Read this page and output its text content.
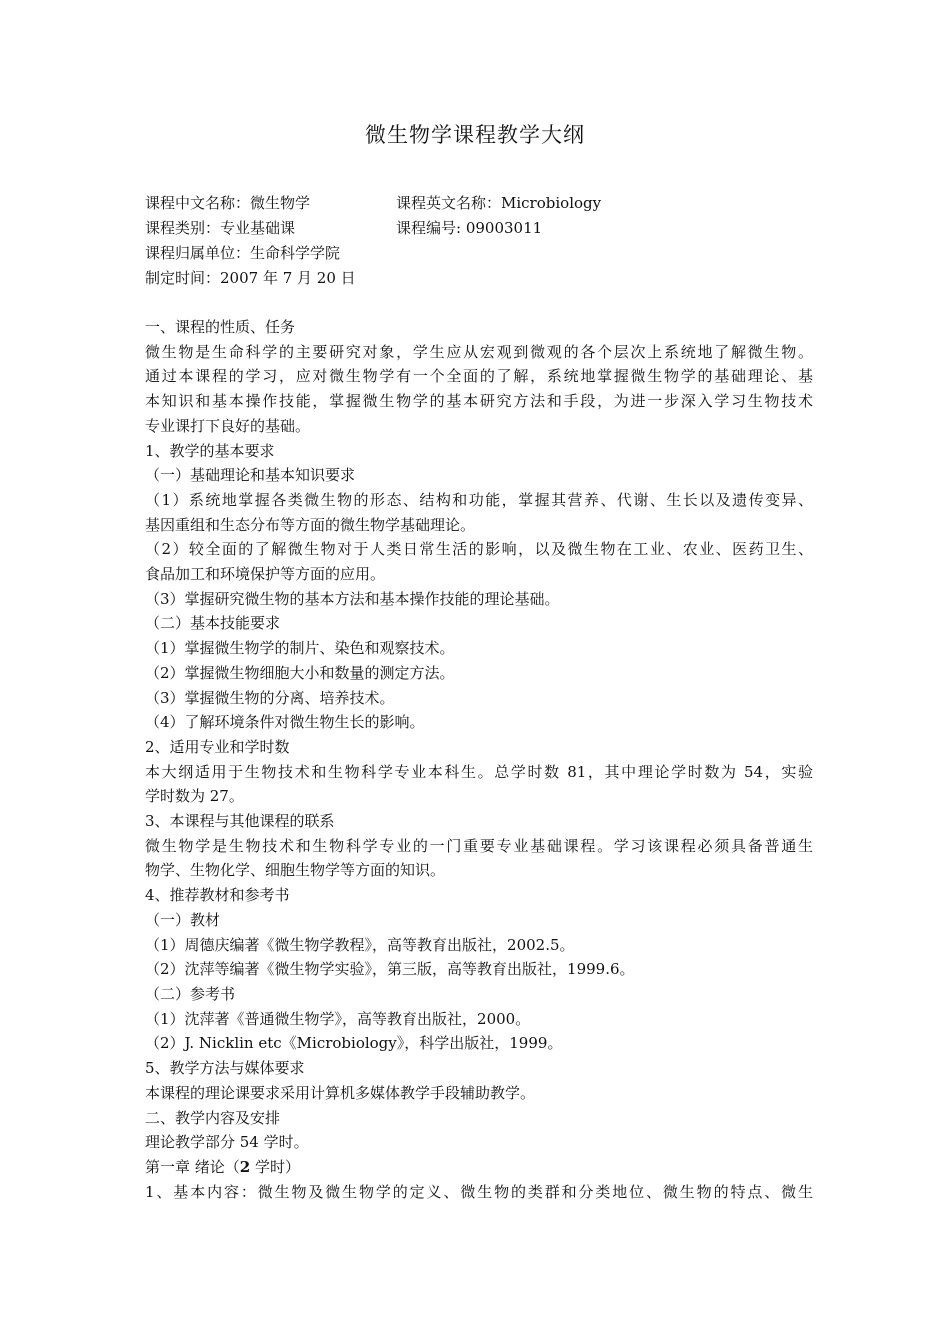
微生物学课程教学大纲
课程中文名称：微生物学	课程英文名称：Microbiology
课程类别：专业基础课	课程编号: 09003011
课程归属单位：生命科学学院
制定时间：2007 年 7 月 20 日
一、课程的性质、任务
微生物是生命科学的主要研究对象，学生应从宏观到微观的各个层次上系统地了解微生物。
通过本课程的学习，应对微生物学有一个全面的了解，系统地掌握微生物学的基础理论、基
本知识和基本操作技能，掌握微生物学的基本研究方法和手段，为进一步深入学习生物技术
专业课打下良好的基础。
1、教学的基本要求
（一）基础理论和基本知识要求
（1）系统地掌握各类微生物的形态、结构和功能，掌握其营养、代谢、生长以及遗传变异、
基因重组和生态分布等方面的微生物学基础理论。
（2）较全面的了解微生物对于人类日常生活的影响，以及微生物在工业、农业、医药卫生、
食品加工和环境保护等方面的应用。
（3）掌握研究微生物的基本方法和基本操作技能的理论基础。
（二）基本技能要求
（1）掌握微生物学的制片、染色和观察技术。
（2）掌握微生物细胞大小和数量的测定方法。
（3）掌握微生物的分离、培养技术。
（4）了解环境条件对微生物生长的影响。
2、适用专业和学时数
本大纲适用于生物技术和生物科学专业本科生。总学时数 81，其中理论学时数为 54，实验
学时数为 27。
3、本课程与其他课程的联系
微生物学是生物技术和生物科学专业的一门重要专业基础课程。学习该课程必须具备普通生
物学、生物化学、细胞生物学等方面的知识。
4、推荐教材和参考书
（一）教材
（1）周德庆编著《微生物学教程》，高等教育出版社，2002.5。
（2）沈萍等编著《微生物学实验》，第三版，高等教育出版社，1999.6。
（二）参考书
（1）沈萍著《普通微生物学》，高等教育出版社，2000。
（2）J. Nicklin etc《Microbiology》，科学出版社，1999。
5、教学方法与媒体要求
本课程的理论课要求采用计算机多媒体教学手段辅助教学。
二、教学内容及安排
理论教学部分 54 学时。
第一章 绪论（2 学时）
1、基本内容：微生物及微生物学的定义、微生物的类群和分类地位、微生物的特点、微生
